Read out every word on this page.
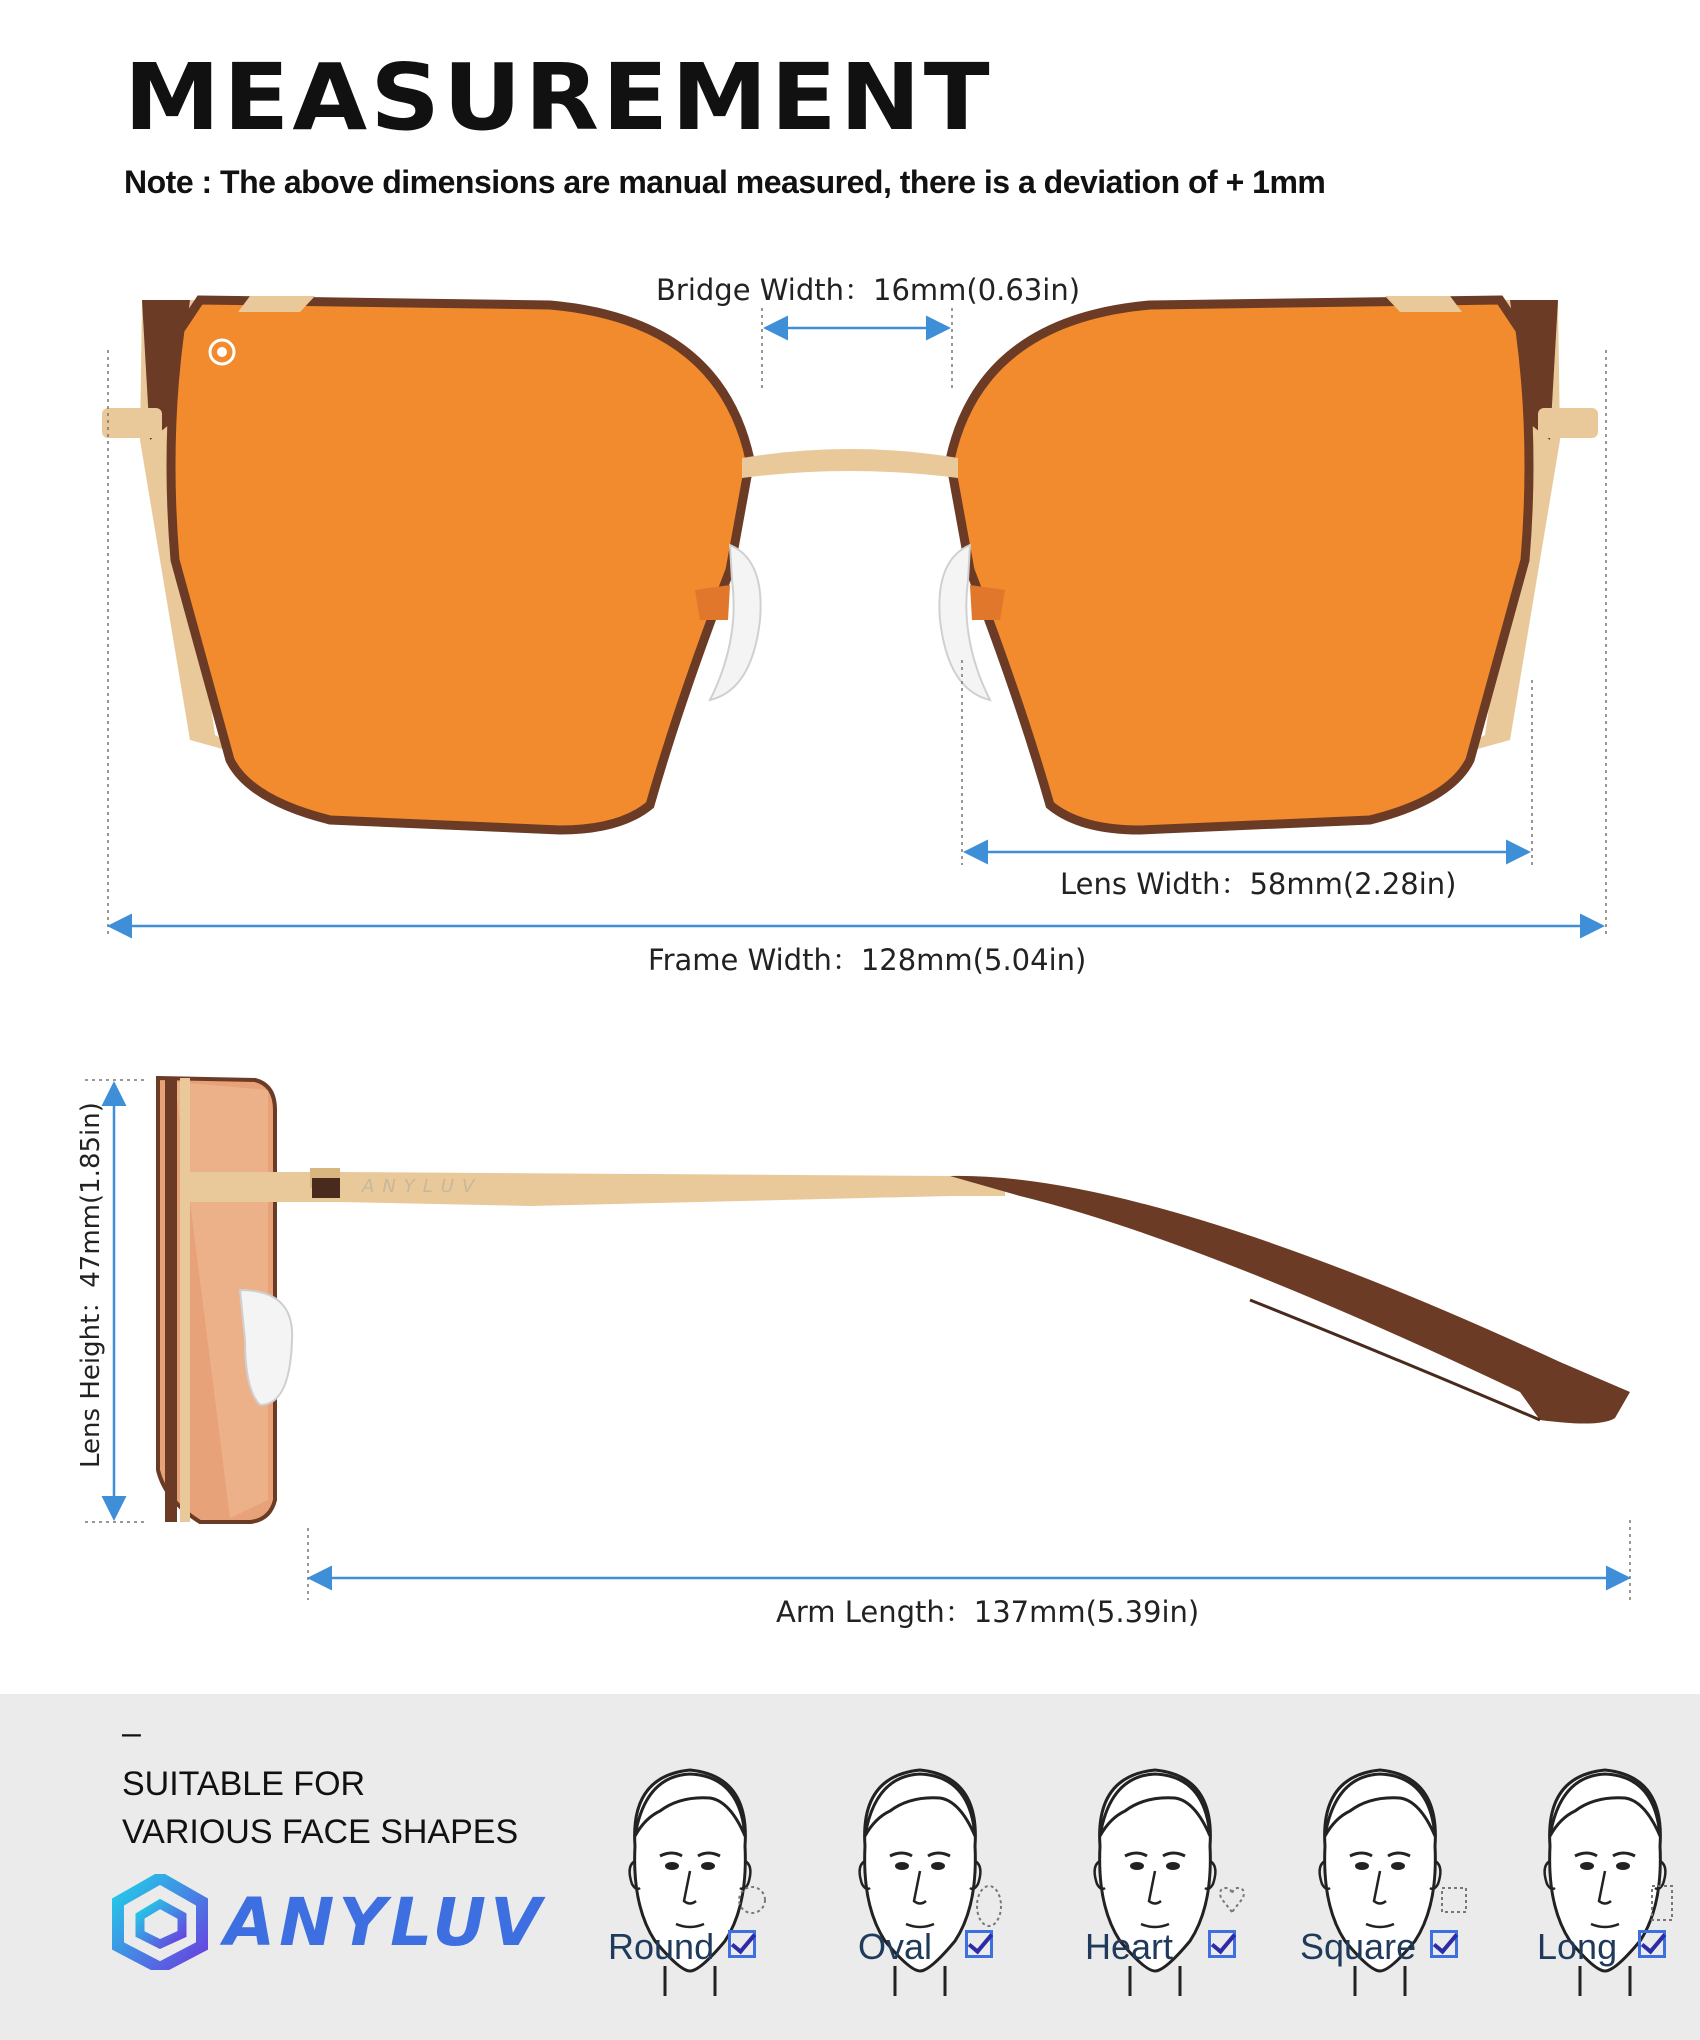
MEASUREMENT
Note : The above dimensions are manual measured, there is a deviation of + 1mm
Bridge Width：16mm(0.63in)
Lens Width：58mm(2.28in)
Frame Width：128mm(5.04in)
Lens Height：47mm(1.85in)
Arm Length：137mm(5.39in)
ANYLUV
–
SUITABLE FOR
VARIOUS FACE SHAPES
ANYLUV Round	Oval	Heart	Square	Long
